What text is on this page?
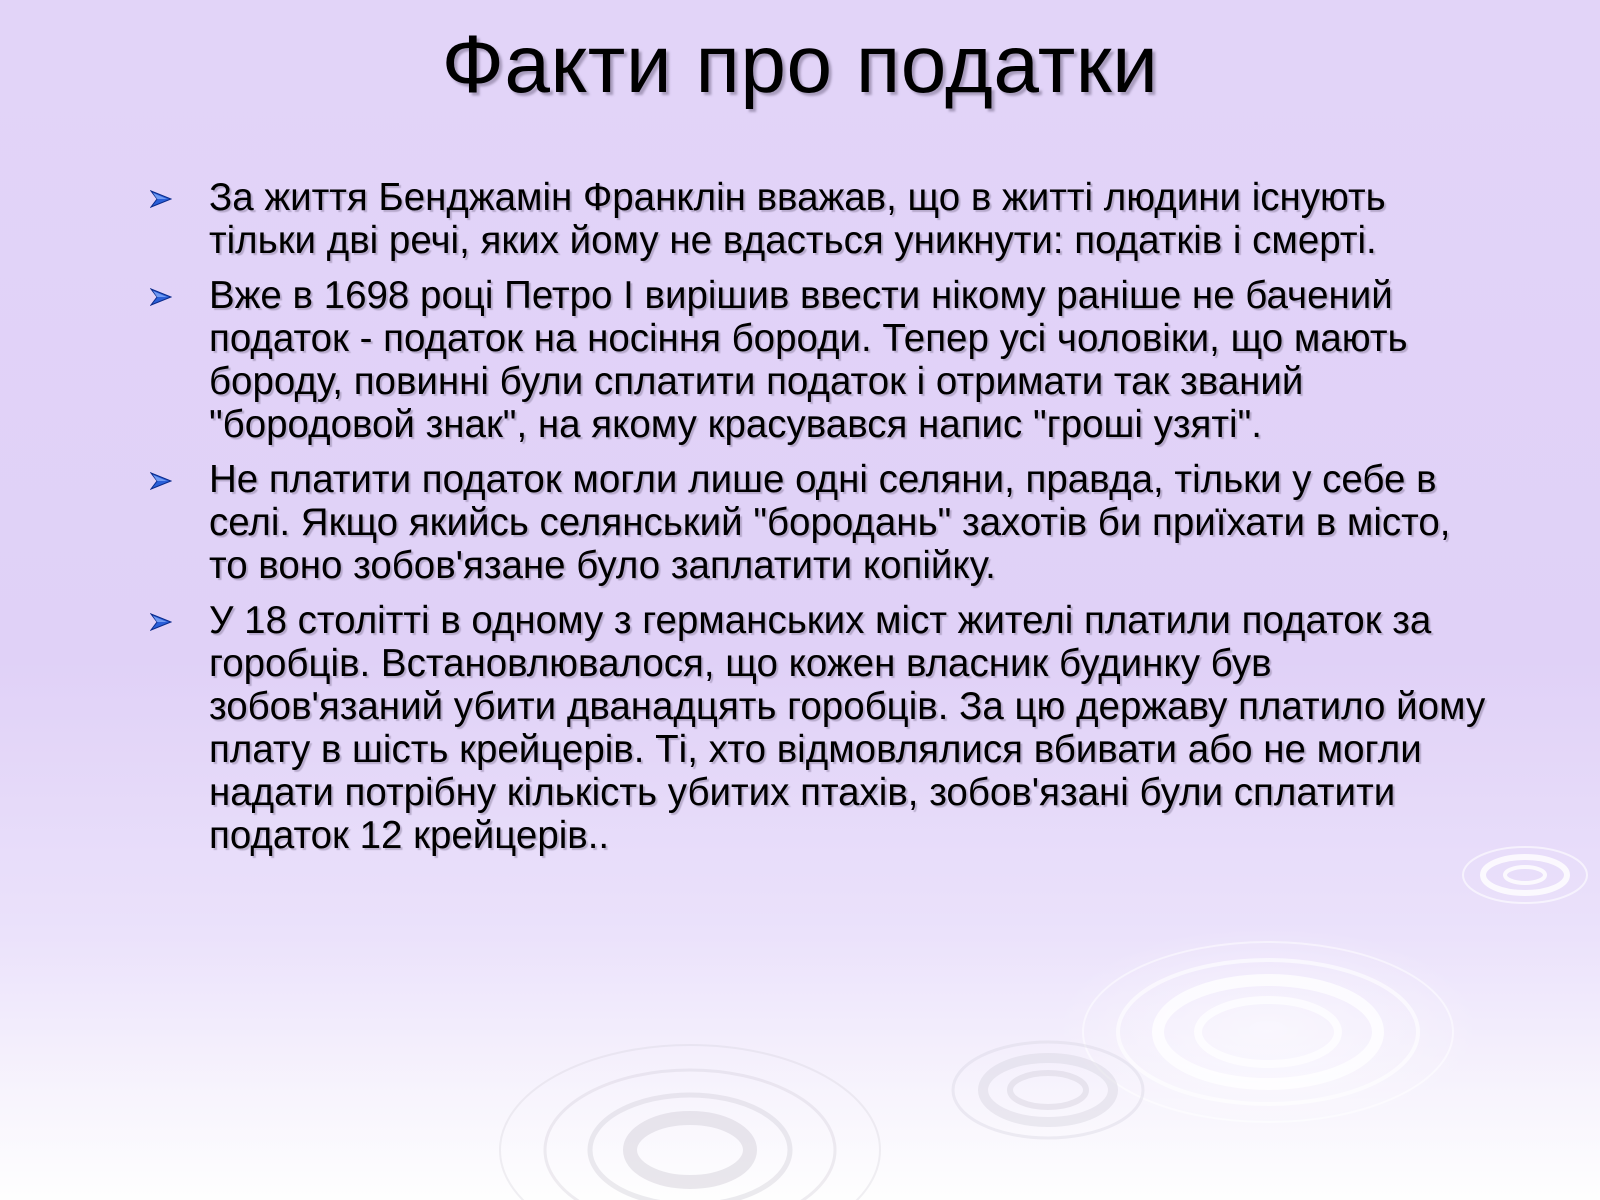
Факти про податки
За життя Бенджамін Франклін вважав, що в житті людини існують тільки дві речі, яких йому не вдасться уникнути: податків і смерті.
Вже в 1698 році Петро I вирішив ввести нікому раніше не бачений податок - податок на носіння бороди. Тепер усі чоловіки, що мають бороду, повинні були сплатити податок і отримати так званий "бородовой знак", на якому красувався напис "гроші узяті".
Не платити податок могли лише одні селяни, правда, тільки у себе в селі. Якщо якийсь селянський "бородань" захотів би приїхати в місто, то воно зобов'язане було заплатити копійку.
У 18 столітті в одному з германських міст жителі платили податок за горобців. Встановлювалося, що кожен власник будинку був зобов'язаний убити дванадцять горобців. За цю державу платило йому плату в шість крейцерів. Ті, хто відмовлялися вбивати або не могли надати потрібну кількість убитих птахів, зобов'язані були сплатити податок 12 крейцерів..
